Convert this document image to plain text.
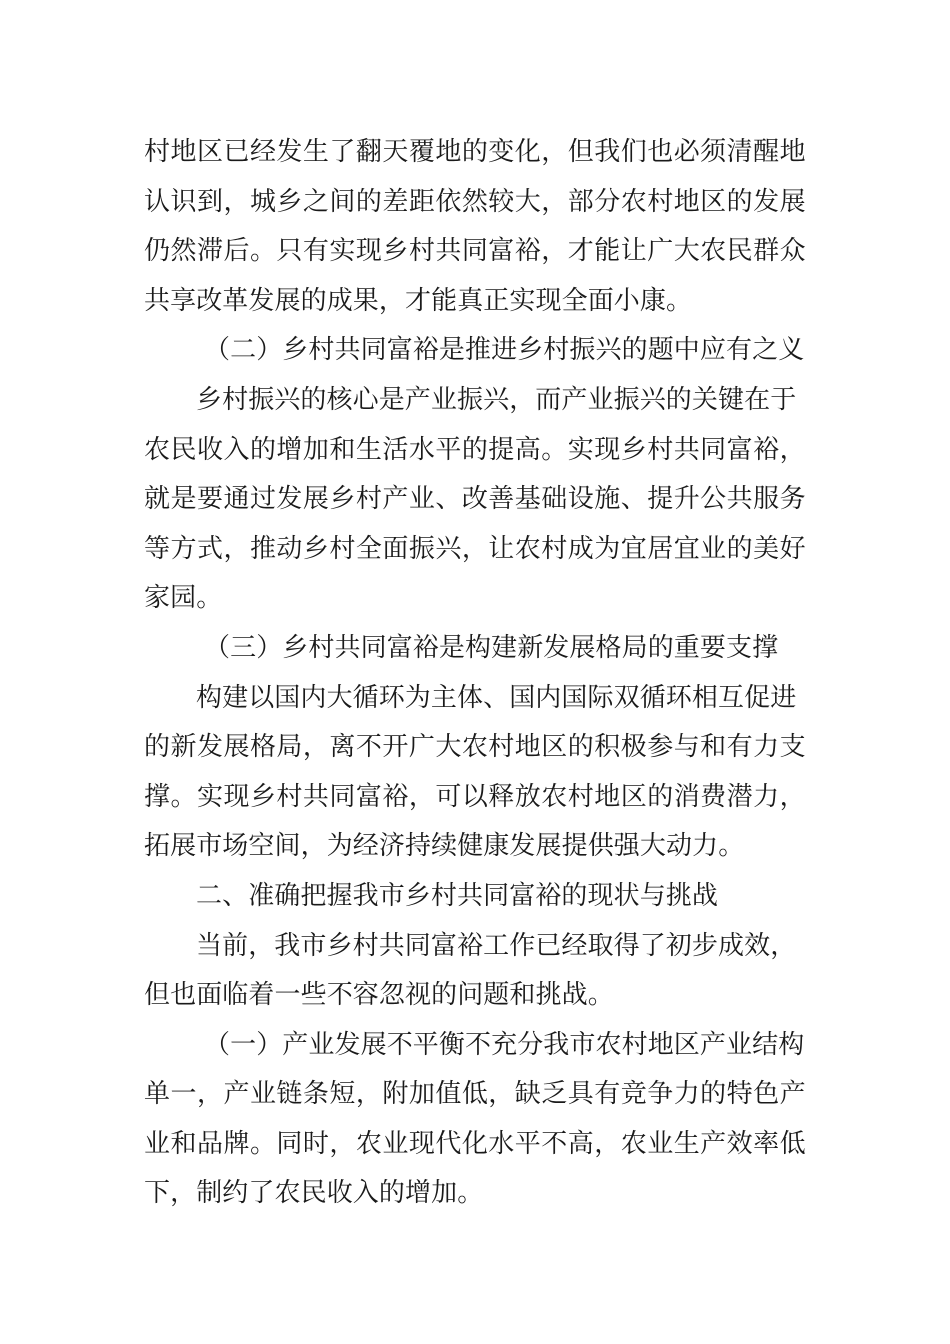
村 地 区 已 经 发 生 了 翻 天 覆 地 的 变 化 ， 但 我 们 也 必 须 清 醒 地
认 识 到 ， 城 乡 之 间 的 差 距 依 然 较 大 ， 部 分 农 村 地 区 的 发 展
仍 然 滞 后 。 只 有 实 现 乡 村 共 同 富 裕 ， 才 能 让 广 大 农 民 群 众
共享改革发展的成果，才能真正实现全面小康。
（二）乡村共同富裕是推进乡村振兴的题中应有之义
乡村振兴的核心是产业振兴，而产业振兴的关键在于
农 民 收 入 的 增 加 和 生 活 水 平 的 提 高 。 实 现 乡 村 共 同 富 裕 ，
就 是 要 通 过 发 展 乡 村 产 业 、 改 善 基 础 设 施 、 提 升 公 共 服 务
等 方 式 ， 推 动 乡 村 全 面 振 兴 ， 让 农 村 成 为 宜 居 宜 业 的 美 好
家园。
（三）乡村共同富裕是构建新发展格局的重要支撑
构建以国内大循环为主体、国内国际双循环相互促进
的 新 发 展 格 局 ， 离 不 开 广 大 农 村 地 区 的 积 极 参 与 和 有 力 支
撑 。 实 现 乡 村 共 同 富 裕 ， 可 以 释 放 农 村 地 区 的 消 费 潜 力 ，
拓展市场空间，为经济持续健康发展提供强大动力。
二、准确把握我市乡村共同富裕的现状与挑战
当前，我市乡村共同富裕工作已经取得了初步成效，
但也面临着一些不容忽视的问题和挑战。
（一）产业发展不平衡不充分我市农村地区产业结构
单 一 ， 产 业 链 条 短 ， 附 加 值 低 ， 缺 乏 具 有 竞 争 力 的 特 色 产
业 和 品 牌 。 同 时 ， 农 业 现 代 化 水 平 不 高 ， 农 业 生 产 效 率 低
下，制约了农民收入的增加。
